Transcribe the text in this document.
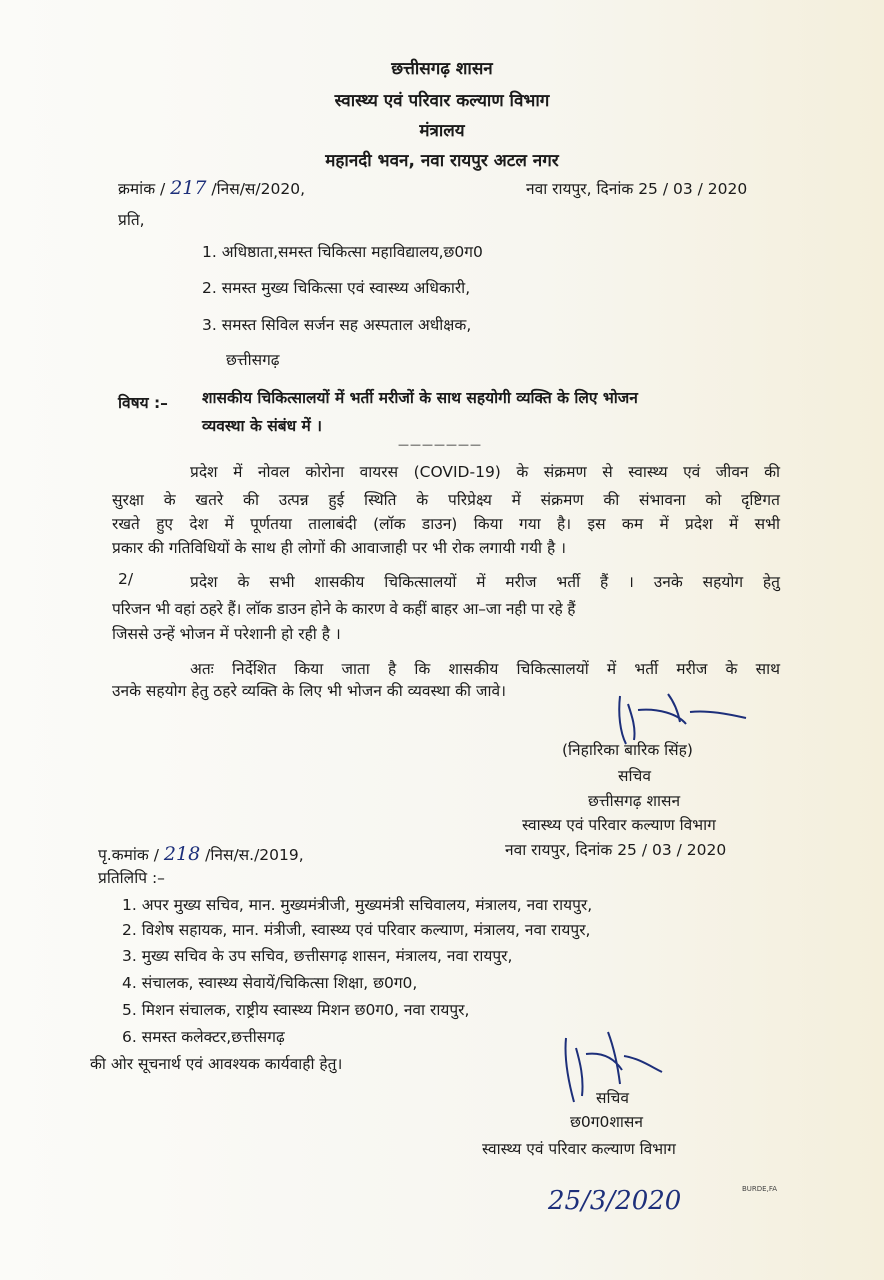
छत्तीसगढ़ शासन
स्वास्थ्य एवं परिवार कल्याण विभाग
मंत्रालय
महानदी भवन, नवा रायपुर अटल नगर
क्रमांक / 217 /निस/स/2020,	नवा रायपुर, दिनांक 25 / 03 / 2020
प्रति,
1. अधिष्ठाता,समस्त चिकित्सा महाविद्यालय,छ0ग0
2. समस्त मुख्य चिकित्सा एवं स्वास्थ्य अधिकारी,
3. समस्त सिविल सर्जन सह अस्पताल अधीक्षक,
छत्तीसगढ़
विषय :– शासकीय चिकित्सालयों में भर्ती मरीजों के साथ सहयोगी व्यक्ति के लिए भोजन
व्यवस्था के संबंध में ।
———————
प्रदेश में नोवल कोरोना वायरस (COVID-19) के संक्रमण से स्वास्थ्य एवं जीवन की
सुरक्षा के खतरे की उत्पन्न हुई स्थिति के परिप्रेक्ष्य में संक्रमण की संभावना को दृष्टिगत
रखते हुए देश में पूर्णतया तालाबंदी (लॉक डाउन) किया गया है। इस कम में प्रदेश में सभी
प्रकार की गतिविधियों के साथ ही लोगों की आवाजाही पर भी रोक लगायी गयी है ।
2/	प्रदेश के सभी शासकीय चिकित्सालयों में मरीज भर्ती हैं । उनके सहयोग हेतु
परिजन भी वहां ठहरे हैं। लॉक डाउन होने के कारण वे कहीं बाहर आ–जा नही पा रहे हैं
जिससे उन्हें भोजन में परेशानी हो रही है ।
अतः निर्देशित किया जाता है कि शासकीय चिकित्सालयों में भर्ती मरीज के साथ
उनके सहयोग हेतु ठहरे व्यक्ति के लिए भी भोजन की व्यवस्था की जावे।
(निहारिका बारिक सिंह)
सचिव
छत्तीसगढ़ शासन
स्वास्थ्य एवं परिवार कल्याण विभाग
पृ.कमांक / 218 /निस/स./2019,	नवा रायपुर, दिनांक 25 / 03 / 2020
प्रतिलिपि :–
1. अपर मुख्य सचिव, मान. मुख्यमंत्रीजी, मुख्यमंत्री सचिवालय, मंत्रालय, नवा रायपुर,
2. विशेष सहायक, मान. मंत्रीजी, स्वास्थ्य एवं परिवार कल्याण, मंत्रालय, नवा रायपुर,
3. मुख्य सचिव के उप सचिव, छत्तीसगढ़ शासन, मंत्रालय, नवा रायपुर,
4. संचालक, स्वास्थ्य सेवायें/चिकित्सा शिक्षा, छ0ग0,
5. मिशन संचालक, राष्ट्रीय स्वास्थ्य मिशन छ0ग0, नवा रायपुर,
6. समस्त कलेक्टर,छत्तीसगढ़
की ओर सूचनार्थ एवं आवश्यक कार्यवाही हेतु।
सचिव
छ0ग0शासन
स्वास्थ्य एवं परिवार कल्याण विभाग
25/3/2020	BURDE,FA
